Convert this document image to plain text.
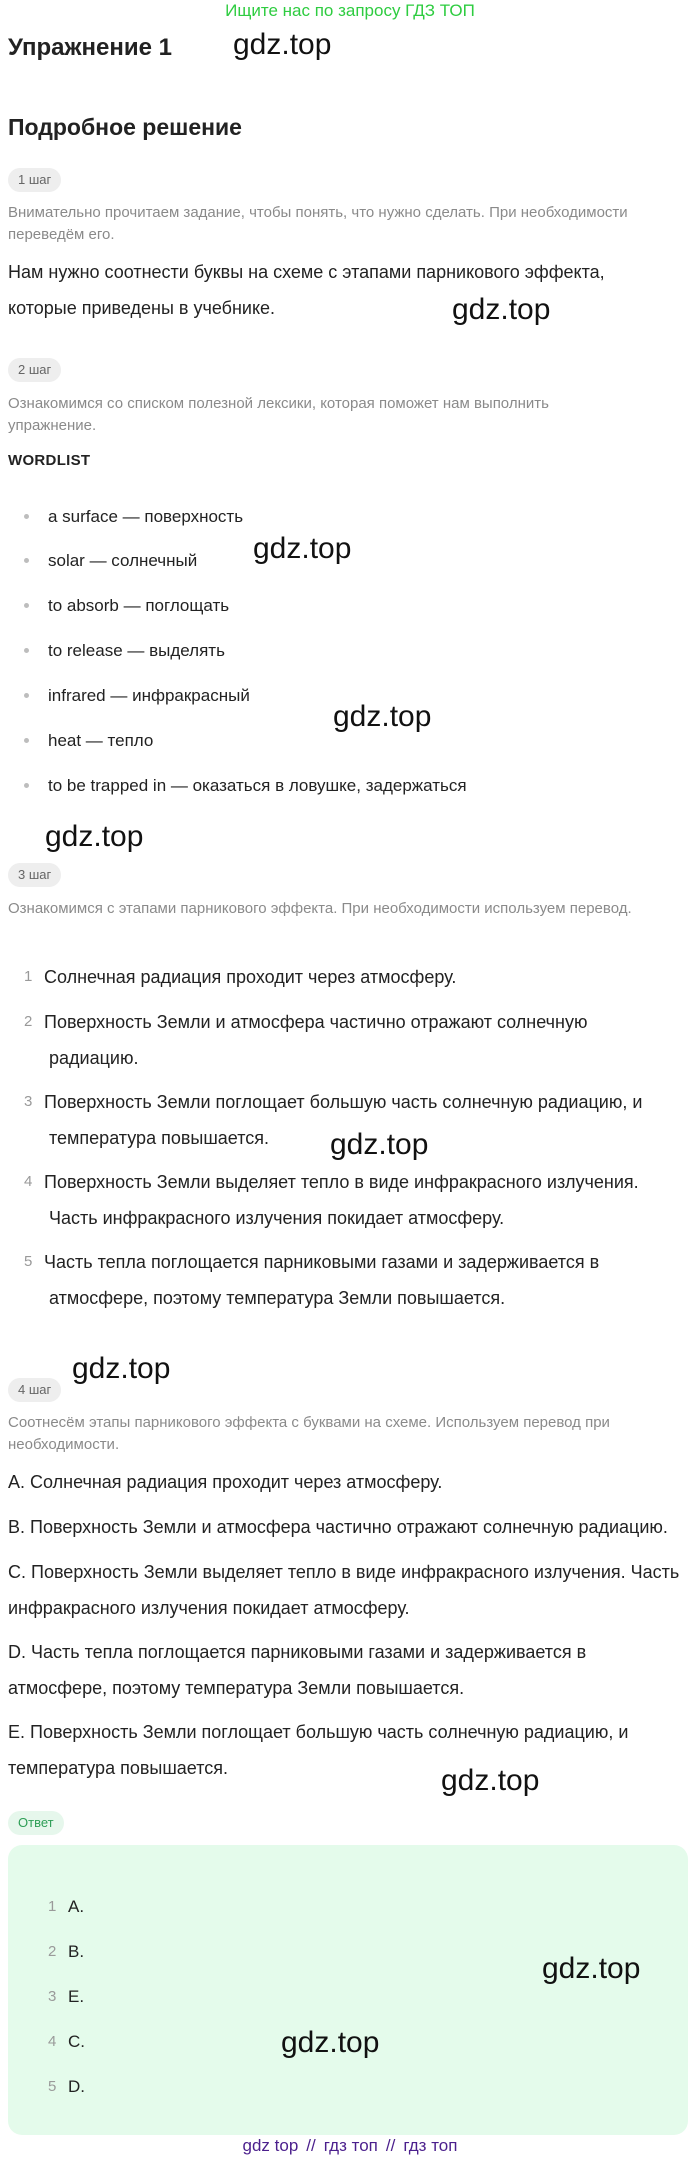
Ищите нас по запросу ГДЗ ТОП
Упражнение 1 gdz.top
Подробное решение
1 шаг
Внимательно прочитаем задание, чтобы понять, что нужно сделать. При необходимости переведём его.
Нам нужно соотнести буквы на схеме с этапами парникового эффекта, которые приведены в учебнике.	gdz.top
2 шаг
Ознакомимся со списком полезной лексики, которая поможет нам выполнить упражнение.
WORDLIST
a surface — поверхность
solar — солнечный gdz.top
to absorb — поглощать
to release — выделять
infrared — инфракрасный
gdz.top
heat — тепло
to be trapped in — оказаться в ловушке, задержаться
gdz.top
3 шаг
Ознакомимся с этапами парникового эффекта. При необходимости используем перевод.
1 Солнечная радиация проходит через атмосферу.
2 Поверхность Земли и атмосфера частично отражают солнечную
радиацию.
3 Поверхность Земли поглощает большую часть солнечную радиацию, и
температура повышается.	gdz.top
4 Поверхность Земли выделяет тепло в виде инфракрасного излучения.
Часть инфракрасного излучения покидает атмосферу.
5 Часть тепла поглощается парниковыми газами и задерживается в
атмосфере, поэтому температура Земли повышается.
4 шаг
gdz.top
Соотнесём этапы парникового эффекта с буквами на схеме. Используем перевод при необходимости.
A. Солнечная радиация проходит через атмосферу.
B. Поверхность Земли и атмосфера частично отражают солнечную радиацию.
C. Поверхность Земли выделяет тепло в виде инфракрасного излучения. Часть инфракрасного излучения покидает атмосферу.
D. Часть тепла поглощается парниковыми газами и задерживается в атмосфере, поэтому температура Земли повышается.
E. Поверхность Земли поглощает большую часть солнечную радиацию, и температура повышается.	gdz.top
Ответ
1 A.
2 B.
3 E.
4 C.
5 D.
gdz.top
gdz.top
gdz top // гдз топ // гдз топ
